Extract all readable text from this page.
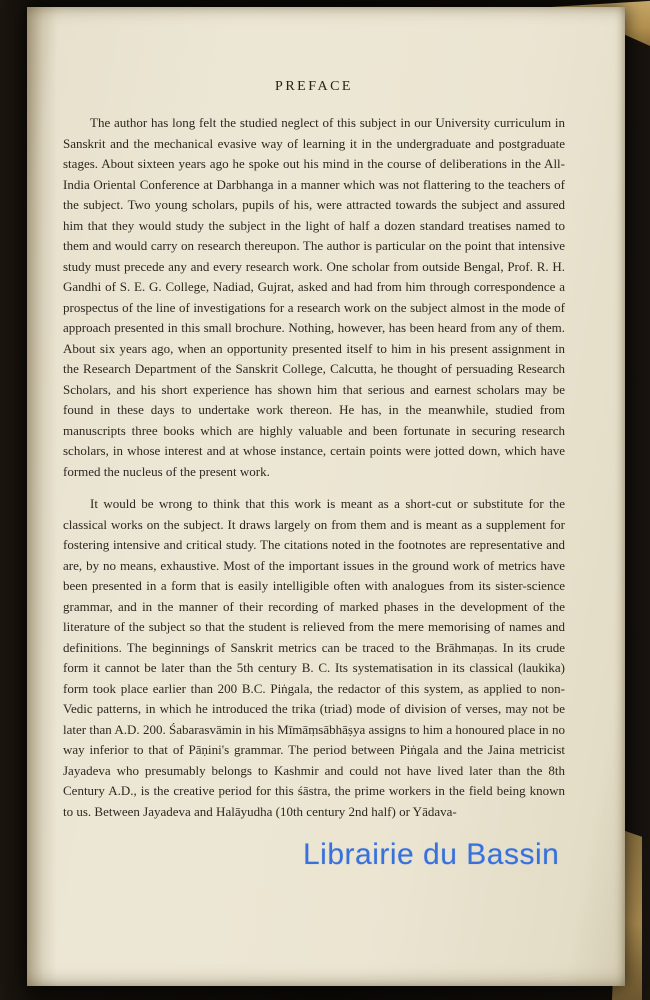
PREFACE

The author has long felt the studied neglect of this subject in our University curriculum in Sanskrit and the mechanical evasive way of learning it in the undergraduate and postgraduate stages. About sixteen years ago he spoke out his mind in the course of deliberations in the All-India Oriental Conference at Darbhanga in a manner which was not flattering to the teachers of the subject. Two young scholars, pupils of his, were attracted towards the subject and assured him that they would study the subject in the light of half a dozen standard treatises named to them and would carry on research thereupon. The author is particular on the point that intensive study must precede any and every research work. One scholar from outside Bengal, Prof. R. H. Gandhi of S. E. G. College, Nadiad, Gujrat, asked and had from him through correspondence a prospectus of the line of investigations for a research work on the subject almost in the mode of approach presented in this small brochure. Nothing, however, has been heard from any of them. About six years ago, when an opportunity presented itself to him in his present assignment in the Research Department of the Sanskrit College, Calcutta, he thought of persuading Research Scholars, and his short experience has shown him that serious and earnest scholars may be found in these days to undertake work thereon. He has, in the meanwhile, studied from manuscripts three books which are highly valuable and been fortunate in securing research scholars, in whose interest and at whose instance, certain points were jotted down, which have formed the nucleus of the present work.

It would be wrong to think that this work is meant as a short-cut or substitute for the classical works on the subject. It draws largely on from them and is meant as a supplement for fostering intensive and critical study. The citations noted in the footnotes are representative and are, by no means, exhaustive. Most of the important issues in the ground work of metrics have been presented in a form that is easily intelligible often with analogues from its sister-science grammar, and in the manner of their recording of marked phases in the development of the literature of the subject so that the student is relieved from the mere memorising of names and definitions. The beginnings of Sanskrit metrics can be traced to the Brāhmaṇas. In its crude form it cannot be later than the 5th century B. C. Its systematisation in its classical (laukika) form took place earlier than 200 B.C. Piṅgala, the redactor of this system, as applied to non-Vedic patterns, in which he introduced the trika (triad) mode of division of verses, may not be later than A.D. 200. Śabarasvāmin in his Mīmāṃsābhāṣya assigns to him a honoured place in no way inferior to that of Pāṇini's grammar. The period between Piṅgala and the Jaina metricist Jayadeva who presumably belongs to Kashmir and could not have lived later than the 8th Century A.D., is the creative period for this śāstra, the prime workers in the field being known to us. Between Jayadeva and Halāyudha (10th century 2nd half) or Yādava-

Librairie du Bassin
